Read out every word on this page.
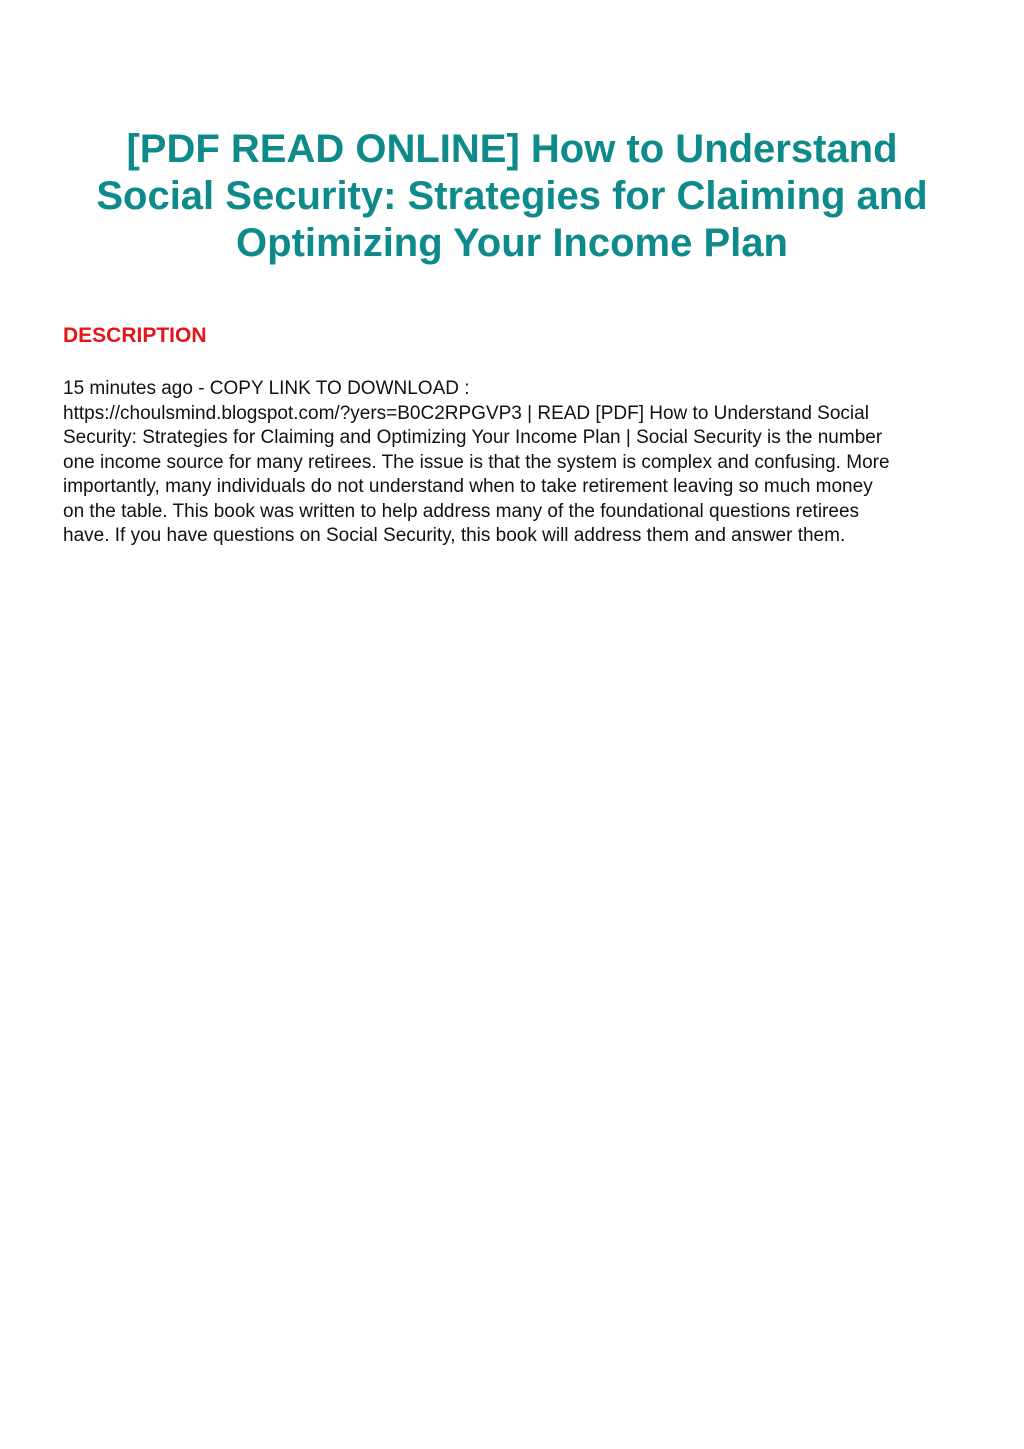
[PDF READ ONLINE] How to Understand
Social Security: Strategies for Claiming and
Optimizing Your Income Plan
DESCRIPTION

15 minutes ago - COPY LINK TO DOWNLOAD :
https://choulsmind.blogspot.com/?yers=B0C2RPGVP3 | READ [PDF] How to Understand Social
Security: Strategies for Claiming and Optimizing Your Income Plan | Social Security is the number
one income source for many retirees. The issue is that the system is complex and confusing. More
importantly, many individuals do not understand when to take retirement leaving so much money
on the table. This book was written to help address many of the foundational questions retirees
have. If you have questions on Social Security, this book will address them and answer them.
